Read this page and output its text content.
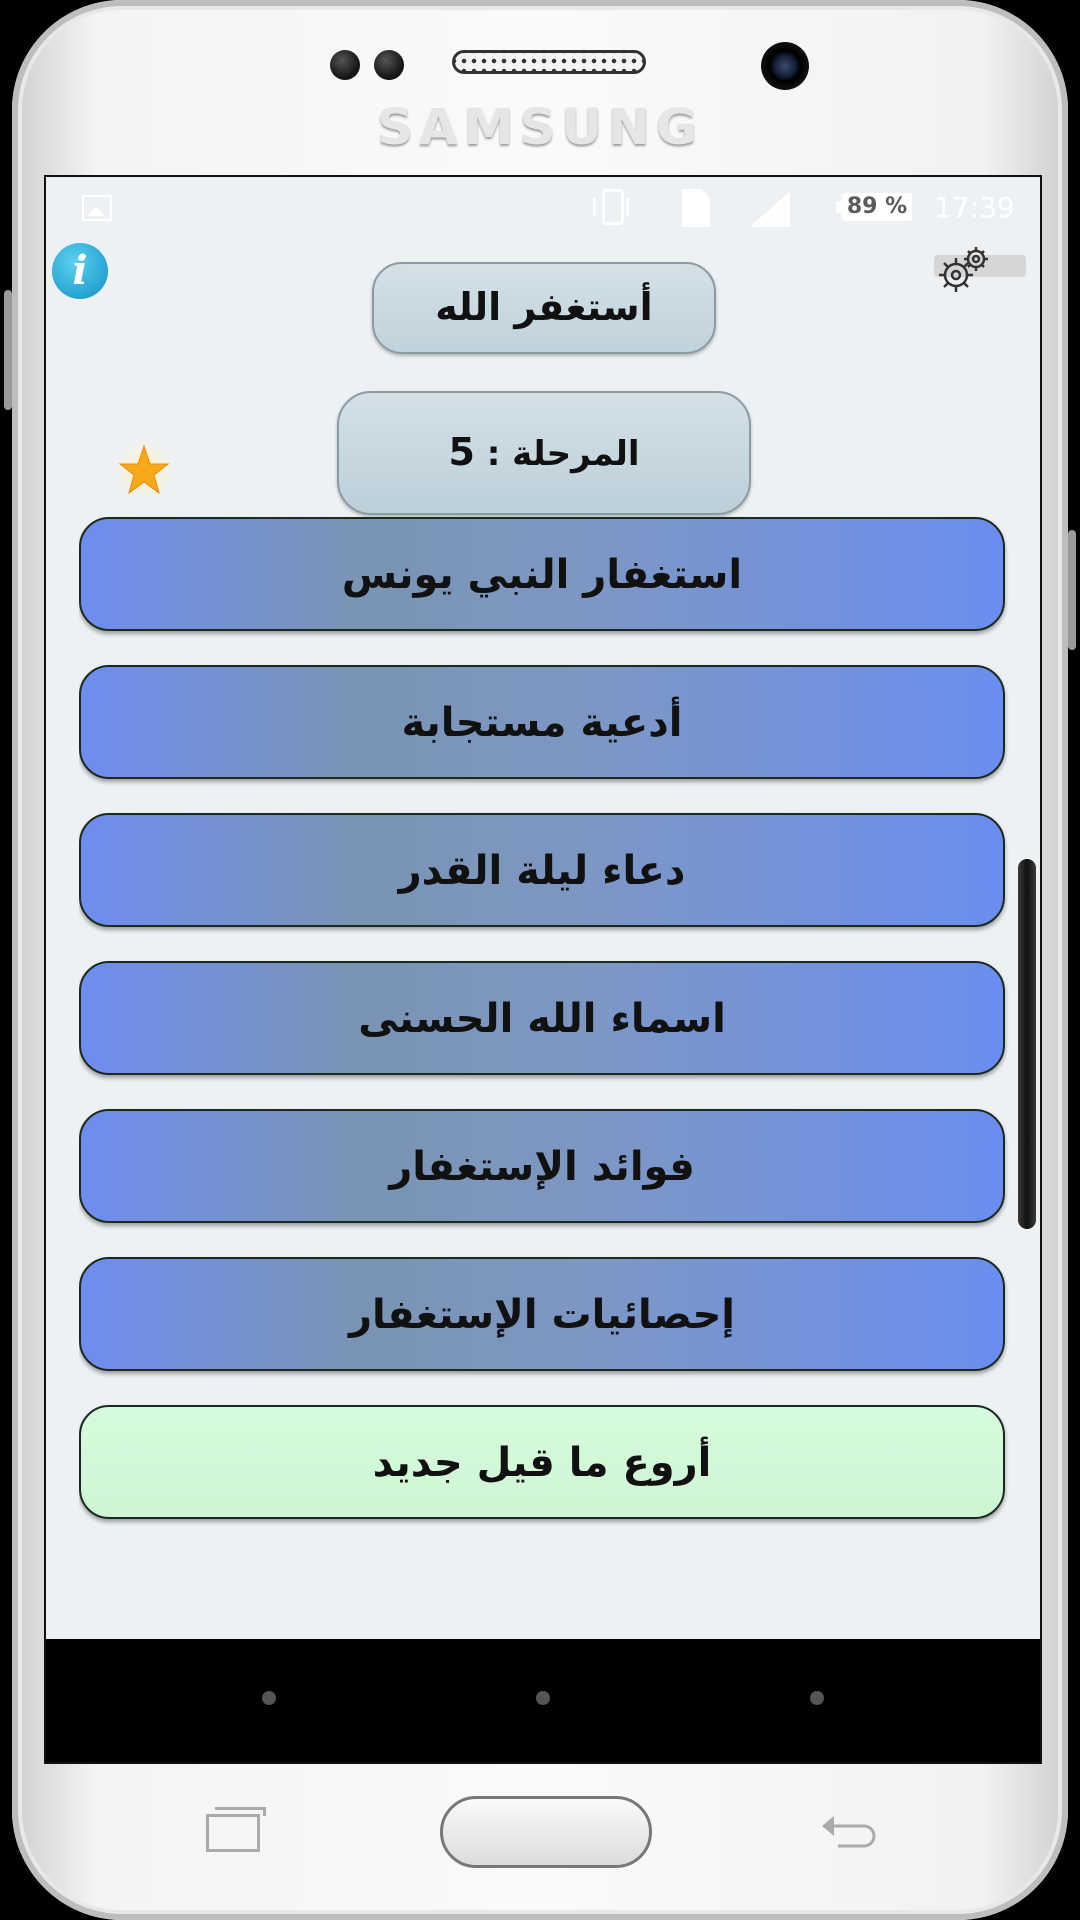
SAMSUNG
89 % 17:39
i
أستغفر الله
المرحلة : 5
استغفار النبي يونس
أدعية مستجابة
دعاء ليلة القدر
اسماء الله الحسنى
فوائد الإستغفار
إحصائيات الإستغفار
أروع ما قيل جديد
